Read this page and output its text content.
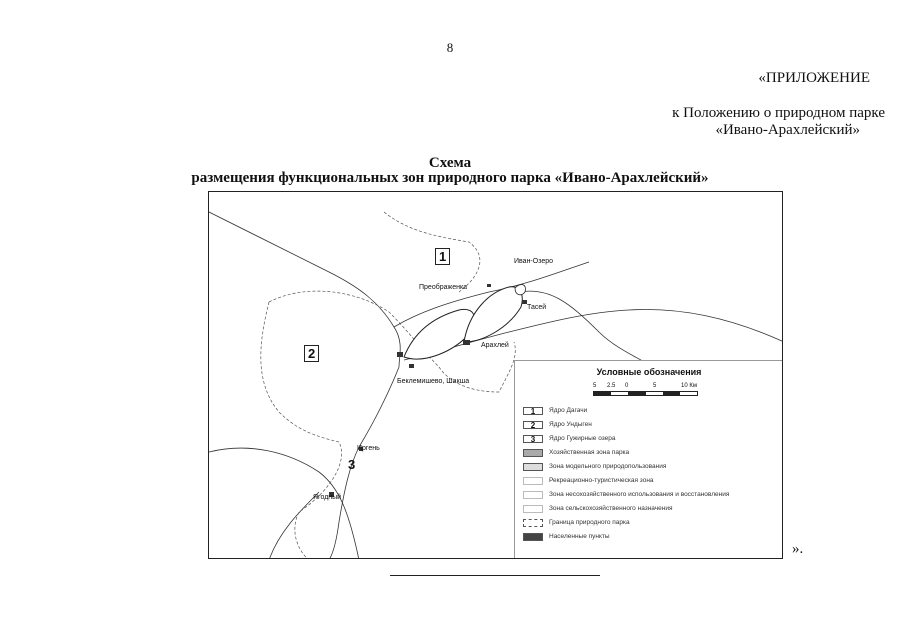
8
«ПРИЛОЖЕНИЕ
к Положению о природном парке
«Ивано-Арахлейский»
Схема
размещения функциональных зон природного парка «Ивано-Арахлейский»
Иван-Озеро
Преображенка
Тасей
Арахлей
Беклемишево, Шакша
Иргень
Ягодный
1
2
3
Условные обозначения
5 2.5 0	5	10 Км
1	Ядро Дагачи
2	Ядро Ундыген
3	Ядро Гужирные озера
Хозяйственная зона парка
Зона модельного природопользования
Рекреационно-туристическая зона
Зона несохозяйственного использования и восстановления
Зона сельскохозяйственного назначения
Граница природного парка
Населенные пункты
».
